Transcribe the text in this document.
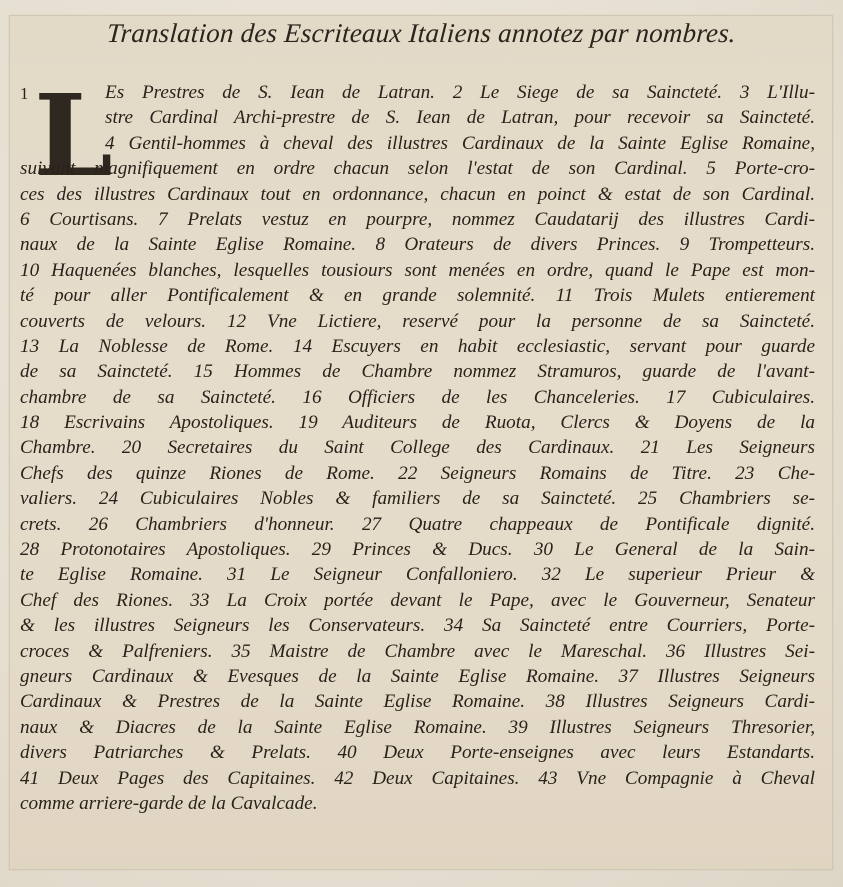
Translation des Escriteaux Italiens annotez par nombres.
1 L
Es Prestres de S. Iean de Latran. 2 Le Siege de sa Saincteté. 3 L'Illu-
stre Cardinal Archi-prestre de S. Iean de Latran, pour recevoir sa Saincteté.
4 Gentil-hommes à cheval des illustres Cardinaux de la Sainte Eglise Romaine,
suivant magnifiquement en ordre chacun selon l'estat de son Cardinal. 5 Porte-cro-
ces des illustres Cardinaux tout en ordonnance, chacun en poinct & estat de son Cardinal.
6 Courtisans. 7 Prelats vestuz en pourpre, nommez Caudatarij des illustres Cardi-
naux de la Sainte Eglise Romaine. 8 Orateurs de divers Princes. 9 Trompetteurs.
10 Haquenées blanches, lesquelles tousiours sont menées en ordre, quand le Pape est mon-
té pour aller Pontificalement & en grande solemnité. 11 Trois Mulets entierement
couverts de velours. 12 Vne Lictiere, reservé pour la personne de sa Saincteté.
13 La Noblesse de Rome. 14 Escuyers en habit ecclesiastic, servant pour guarde
de sa Saincteté. 15 Hommes de Chambre nommez Stramuros, guarde de l'avant-
chambre de sa Saincteté. 16 Officiers de les Chanceleries. 17 Cubiculaires.
18 Escrivains Apostoliques. 19 Auditeurs de Ruota, Clercs & Doyens de la
Chambre. 20 Secretaires du Saint College des Cardinaux. 21 Les Seigneurs
Chefs des quinze Riones de Rome. 22 Seigneurs Romains de Titre. 23 Che-
valiers. 24 Cubiculaires Nobles & familiers de sa Saincteté. 25 Chambriers se-
crets. 26 Chambriers d'honneur. 27 Quatre chappeaux de Pontificale dignité.
28 Protonotaires Apostoliques. 29 Princes & Ducs. 30 Le General de la Sain-
te Eglise Romaine. 31 Le Seigneur Confalloniero. 32 Le superieur Prieur &
Chef des Riones. 33 La Croix portée devant le Pape, avec le Gouverneur, Senateur
& les illustres Seigneurs les Conservateurs. 34 Sa Saincteté entre Courriers, Porte-
croces & Palfreniers. 35 Maistre de Chambre avec le Mareschal. 36 Illustres Sei-
gneurs Cardinaux & Evesques de la Sainte Eglise Romaine. 37 Illustres Seigneurs
Cardinaux & Prestres de la Sainte Eglise Romaine. 38 Illustres Seigneurs Cardi-
naux & Diacres de la Sainte Eglise Romaine. 39 Illustres Seigneurs Thresorier,
divers Patriarches & Prelats. 40 Deux Porte-enseignes avec leurs Estandarts.
41 Deux Pages des Capitaines. 42 Deux Capitaines. 43 Vne Compagnie à Cheval
comme arriere-garde de la Cavalcade.
